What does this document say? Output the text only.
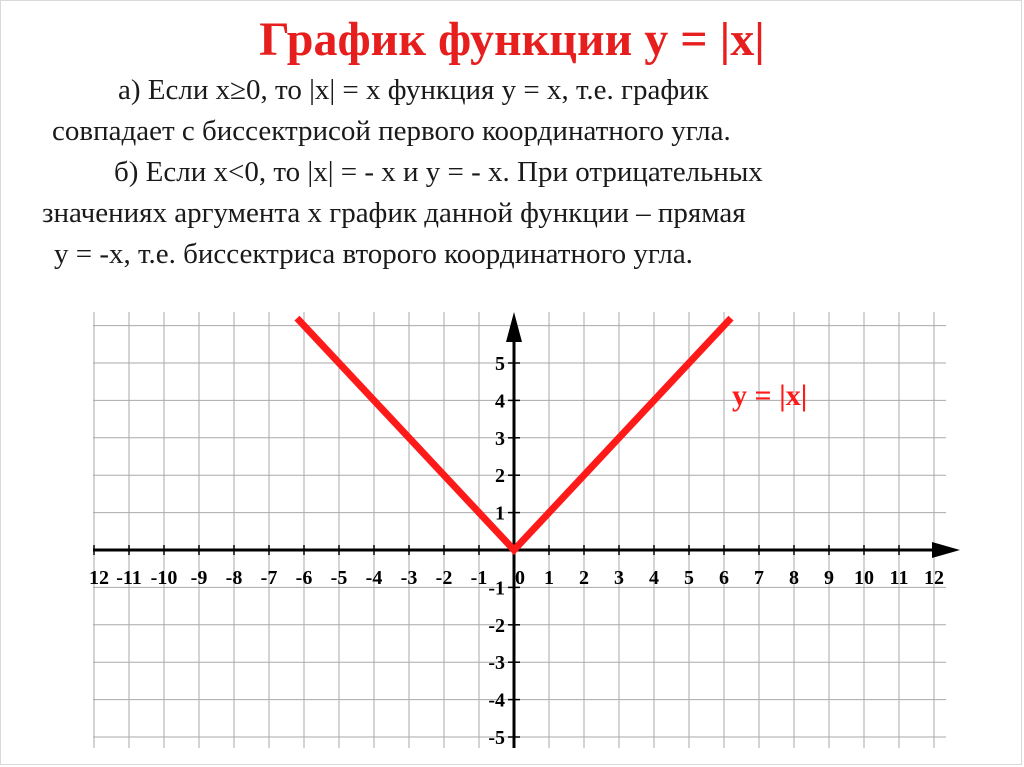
График функции y = |x|
а) Если x≥0, то |x| = x функция y = x, т.е. график
совпадает с биссектрисой первого координатного угла.
б) Если x<0, то |x| = - x и y = - x. При отрицательных
значениях аргумента x график данной функции – прямая
y = -x, т.е. биссектриса второго координатного угла.
12 -11 -10 -9 -8 -7 -6 -5 -4 -3 -2 -1 0 1 2 3 4 5 6 7 8 9 10 11 12
5
4
3
2
1
-1
-2
-3
-4
-5
y = |x|
